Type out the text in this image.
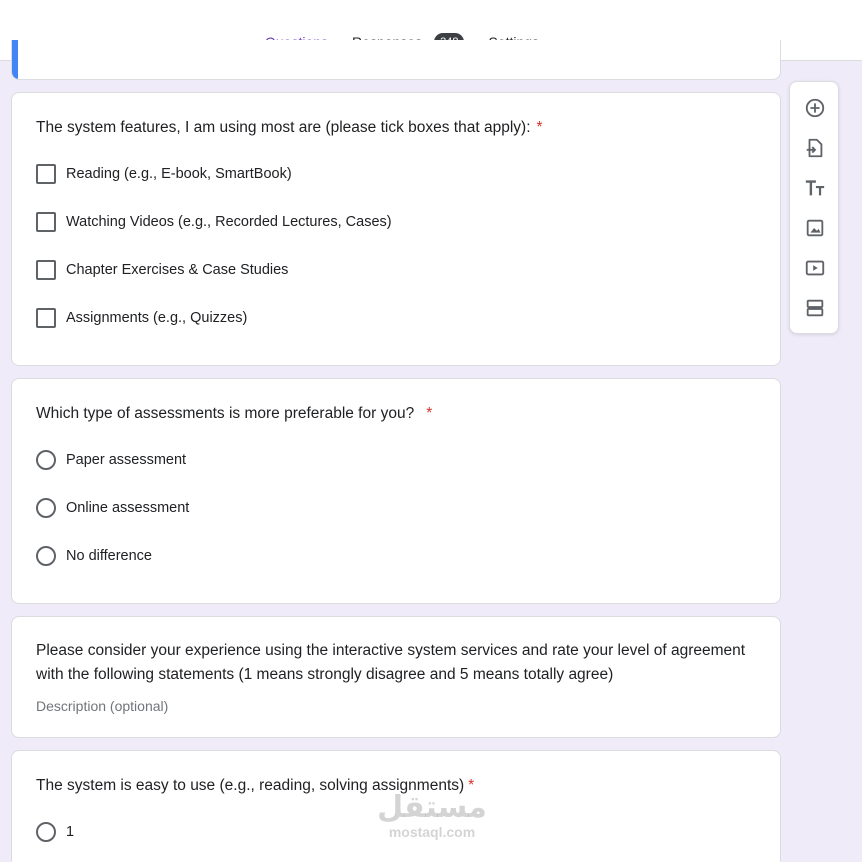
The system features, I am using most are (please tick boxes that apply): *
Reading (e.g., E-book, SmartBook)
Watching Videos (e.g., Recorded Lectures, Cases)
Chapter Exercises & Case Studies
Assignments (e.g., Quizzes)
Which type of assessments is more preferable for you? *
Paper assessment
Online assessment
No difference
Please consider your experience using the interactive system services and rate your level of agreement with the following statements (1 means strongly disagree and 5 means totally agree)
Description (optional)
The system is easy to use (e.g., reading, solving assignments) *
1
مستقل
mostaql.com
